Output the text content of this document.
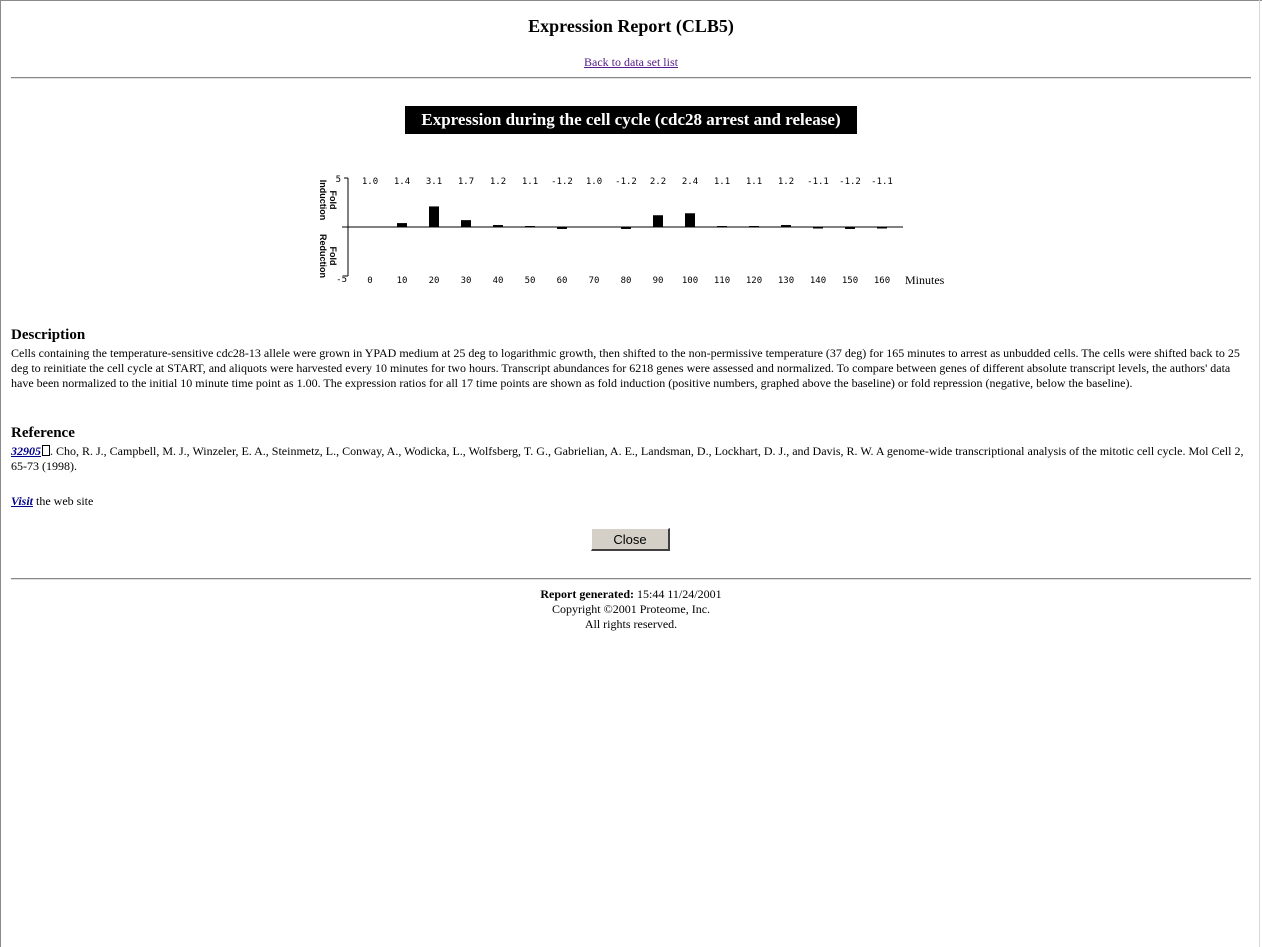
Expression Report (CLB5)
Back to data set list
Expression during the cell cycle (cdc28 arrest and release)
5
-5
Fold
Induction
Fold
Reduction
1.0 1.4 3.1 1.7 1.2 1.1 -1.2 1.0 -1.2 2.2 2.4 1.1 1.1 1.2 -1.1 -1.2 -1.1
0	10 20 30 40 50 60 70 80 90 100 110 120 130 140 150 160 Minutes
Description
Cells containing the temperature-sensitive cdc28-13 allele were grown in YPAD medium at 25 deg to logarithmic growth, then shifted to the non-permissive temperature (37 deg) for 165 minutes to arrest as unbudded cells. The cells were shifted back to 25 deg to reinitiate the cell cycle at START, and aliquots were harvested every 10 minutes for two hours. Transcript abundances for 6218 genes were assessed and normalized. To compare between genes of different absolute transcript levels, the authors' data have been normalized to the initial 10 minute time point as 1.00. The expression ratios for all 17 time points are shown as fold induction (positive numbers, graphed above the baseline) or fold repression (negative, below the baseline).
Reference
32905 . Cho, R. J., Campbell, M. J., Winzeler, E. A., Steinmetz, L., Conway, A., Wodicka, L., Wolfsberg, T. G., Gabrielian, A. E., Landsman, D., Lockhart, D. J., and Davis, R. W. A genome-wide transcriptional analysis of the mitotic cell cycle. Mol Cell 2, 65-73 (1998).
Visit the web site
Close
Report generated: 15:44 11/24/2001
Copyright ©2001 Proteome, Inc.
All rights reserved.
